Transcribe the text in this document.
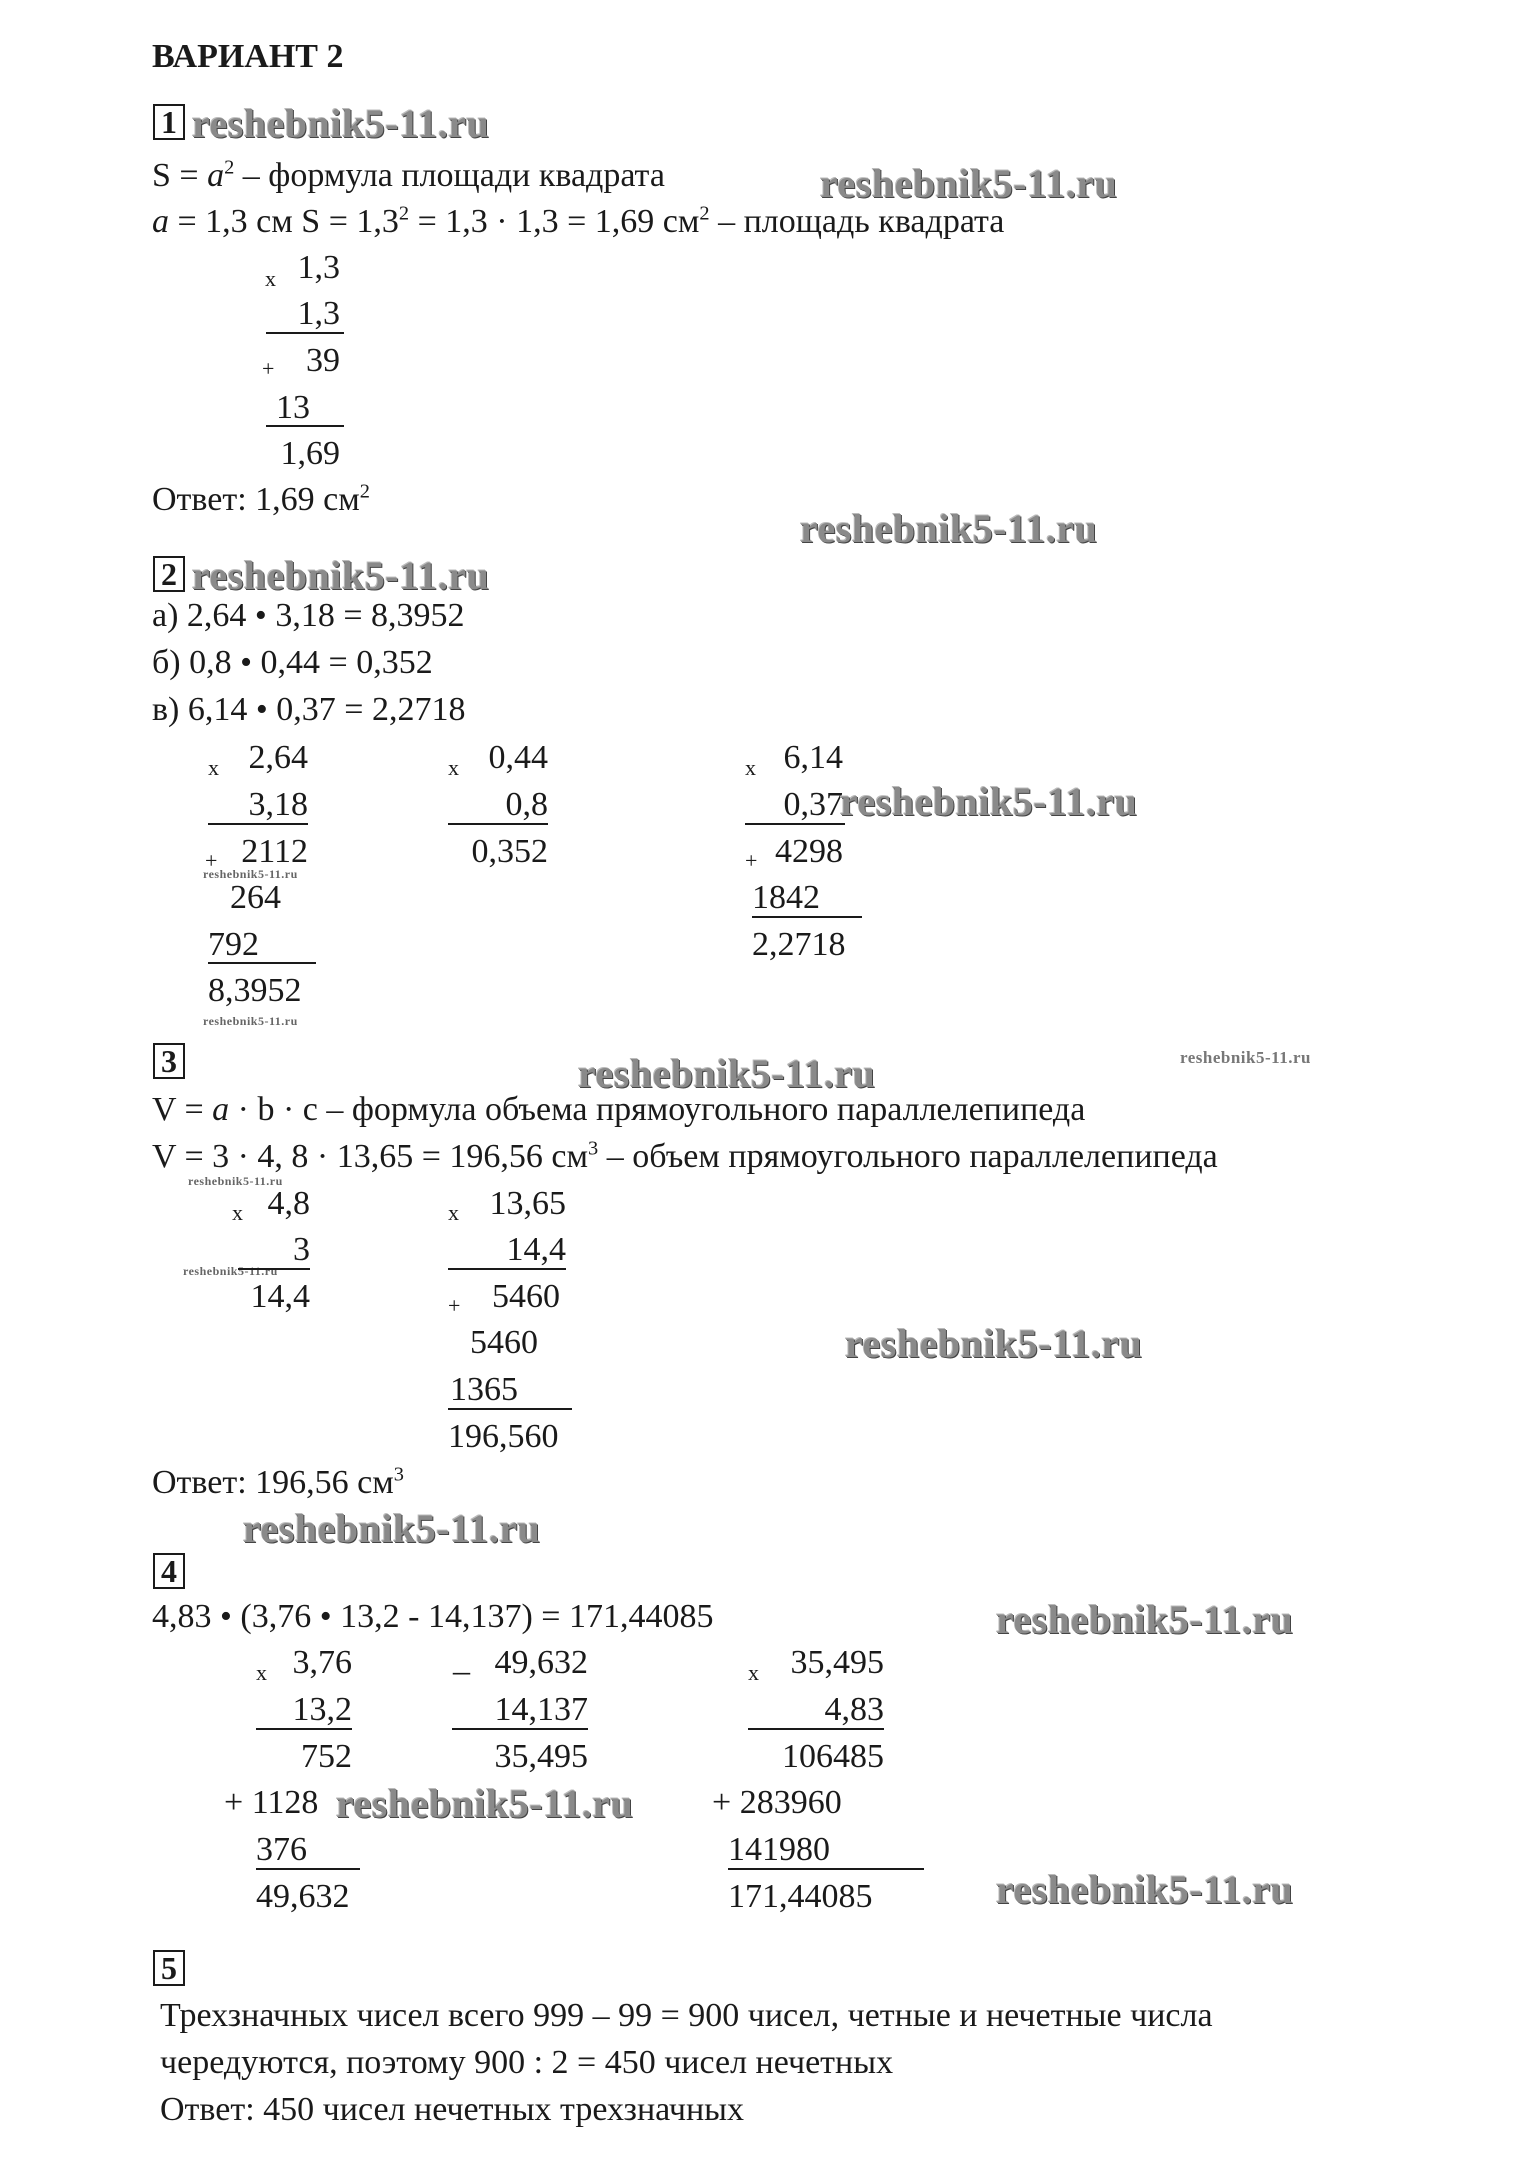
ВАРИАНТ 2
1 reshebnik5-11.ru
$S = a^2$ – формула площади квадрата	reshebnik5-11.ru
a = 1,3 см $S = 1,3^2 = 1,3 \cdot 1,3 = 1,69$ $см^2$ – площадь квадрата
х 1,3
1,3
+ 39
13
1,69
Ответ: 1,69 $см^2$
reshebnik5-11.ru
2 reshebnik5-11.ru
а) 2,64 • 3,18 = 8,3952
б) 0,8 • 0,44 = 0,352
в) 6,14 • 0,37 = 2,2718
х 2,64
3,18
+ 2112
reshebnik5-11.ru
264
792
8,3952
reshebnik5-11.ru
х 0,44
0,8
0,352
х 6,14
0,37
reshebnik5-11.ru
+ 4298
1842
2,2718
3	reshebnik5-11.ru	reshebnik5-11.ru
V = a · b · c – формула объема прямоугольного параллелепипеда
V = 3 · 4, 8 · 13,65 = 196,56 $см^3$ – объем прямоугольного параллелепипеда
reshebnik5-11.ru
х 4,8
3
reshebnik5-11.ru
14,4
х 13,65
14,4
+ 5460
5460
1365
196,560
reshebnik5-11.ru
Ответ: 196,56 $см^3$
reshebnik5-11.ru
4
4,83 • (3,76 • 13,2 - 14,137) = 171,44085	reshebnik5-11.ru
х 3,76
13,2
752
+ 1128 reshebnik5-11.ru
376
49,632
_ 49,632
14,137
35,495
х 35,495
4,83
106485
+ 283960
141980
171,44085	reshebnik5-11.ru
5
Трехзначных чисел всего 999 – 99 = 900 чисел, четные и нечетные числа
чередуются, поэтому 900 : 2 = 450 чисел нечетных
Ответ: 450 чисел нечетных трехзначных
